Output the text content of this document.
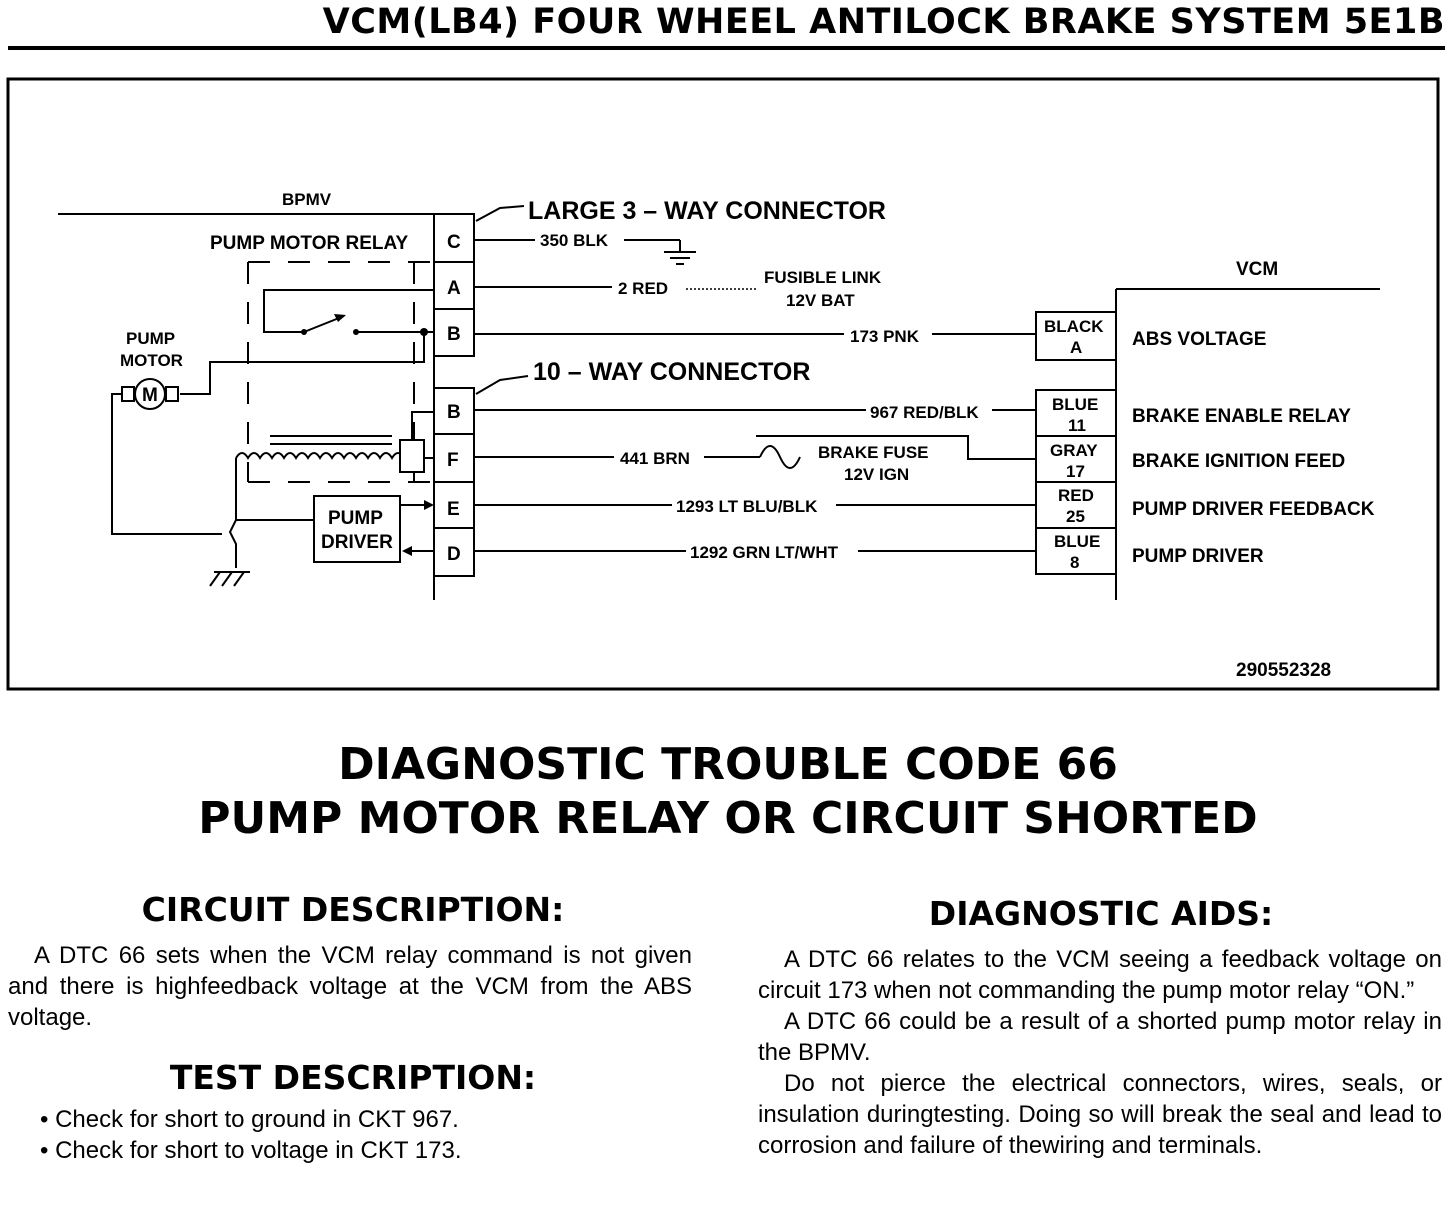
VCM(LB4) FOUR WHEEL ANTILOCK BRAKE SYSTEM 5E1B
BPMV
PUMP MOTOR RELAY C
A
B
B
F
E
D
LARGE 3 – WAY CONNECTOR
10 – WAY CONNECTOR
PUMP
MOTOR
M
PUMP
DRIVER
350 BLK
2 RED
FUSIBLE LINK
12V BAT
173 PNK
967 RED/BLK
441 BRN	BRAKE FUSE
12V IGN
1293 LT BLU/BLK
1292 GRN LT/WHT
VCM
BLACK
A	ABS VOLTAGE
BLUE
11 BRAKE ENABLE RELAY
GRAY
17 BRAKE IGNITION FEED
RED
25 PUMP DRIVER FEEDBACK
BLUE
8	PUMP DRIVER
290552328
DIAGNOSTIC TROUBLE CODE 66
PUMP MOTOR RELAY OR CIRCUIT SHORTED
CIRCUIT DESCRIPTION:

A DTC 66 sets when the VCM relay command is not given and there is highfeedback voltage at the VCM from the ABS voltage.

TEST DESCRIPTION:
• Check for short to ground in CKT 967.
• Check for short to voltage in CKT 173.
DIAGNOSTIC AIDS:

A DTC 66 relates to the VCM seeing a feedback voltage on circuit 173 when not commanding the pump motor relay “ON.”

A DTC 66 could be a result of a shorted pump motor relay in the BPMV.

Do not pierce the electrical connectors, wires, seals, or insulation duringtesting. Doing so will break the seal and lead to corrosion and failure of thewiring and terminals.
